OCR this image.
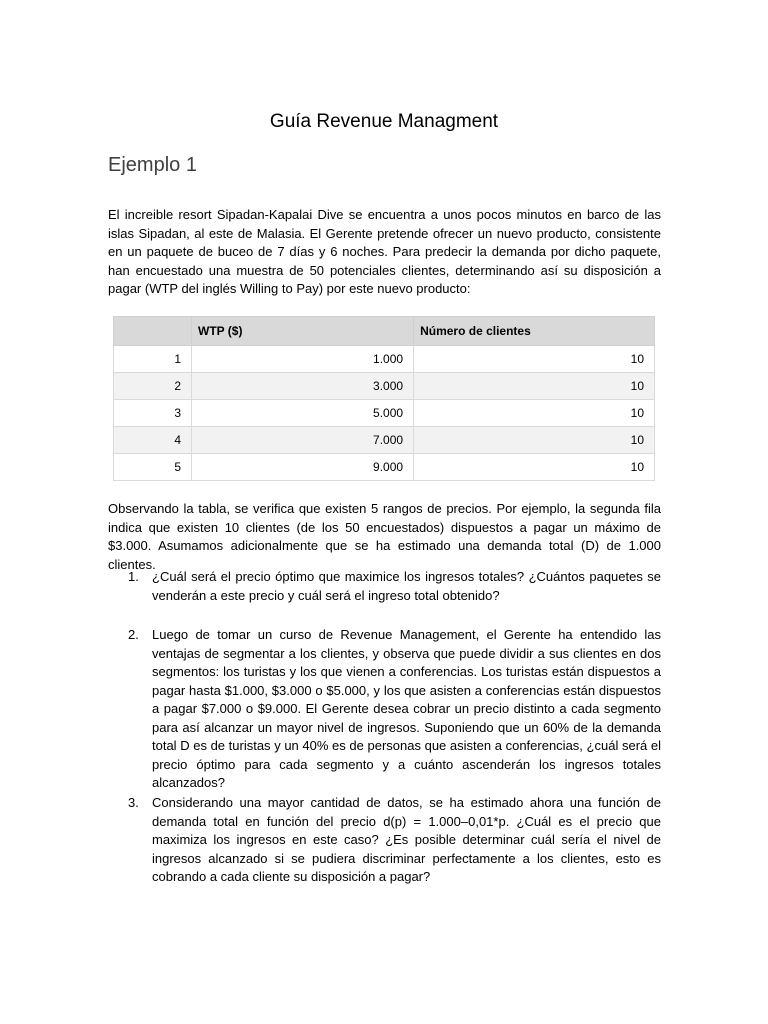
Guía Revenue Managment
Ejemplo 1
El increible resort Sipadan-Kapalai Dive se encuentra a unos pocos minutos en barco de las islas Sipadan, al este de Malasia. El Gerente pretende ofrecer un nuevo producto, consistente en un paquete de buceo de 7 días y 6 noches. Para predecir la demanda por dicho paquete, han encuestado una muestra de 50 potenciales clientes, determinando así su disposición a pagar (WTP del inglés Willing to Pay) por este nuevo producto:
	WTP ($)	Número de clientes
1	1.000	10
2	3.000	10
3	5.000	10
4	7.000	10
5	9.000	10
Observando la tabla, se verifica que existen 5 rangos de precios. Por ejemplo, la segunda fila indica que existen 10 clientes (de los 50 encuestados) dispuestos a pagar un máximo de $3.000. Asumamos adicionalmente que se ha estimado una demanda total (D) de 1.000 clientes.
1. ¿Cuál será el precio óptimo que maximice los ingresos totales? ¿Cuántos paquetes se venderán a este precio y cuál será el ingreso total obtenido?
2. Luego de tomar un curso de Revenue Management, el Gerente ha entendido las ventajas de segmentar a los clientes, y observa que puede dividir a sus clientes en dos segmentos: los turistas y los que vienen a conferencias. Los turistas están dispuestos a pagar hasta $1.000, $3.000 o $5.000, y los que asisten a conferencias están dispuestos a pagar $7.000 o $9.000. El Gerente desea cobrar un precio distinto a cada segmento para así alcanzar un mayor nivel de ingresos. Suponiendo que un 60% de la demanda total D es de turistas y un 40% es de personas que asisten a conferencias, ¿cuál será el precio óptimo para cada segmento y a cuánto ascenderán los ingresos totales alcanzados?
3. Considerando una mayor cantidad de datos, se ha estimado ahora una función de demanda total en función del precio d(p) = 1.000–0,01*p. ¿Cuál es el precio que maximiza los ingresos en este caso? ¿Es posible determinar cuál sería el nivel de ingresos alcanzado si se pudiera discriminar perfectamente a los clientes, esto es cobrando a cada cliente su disposición a pagar?
